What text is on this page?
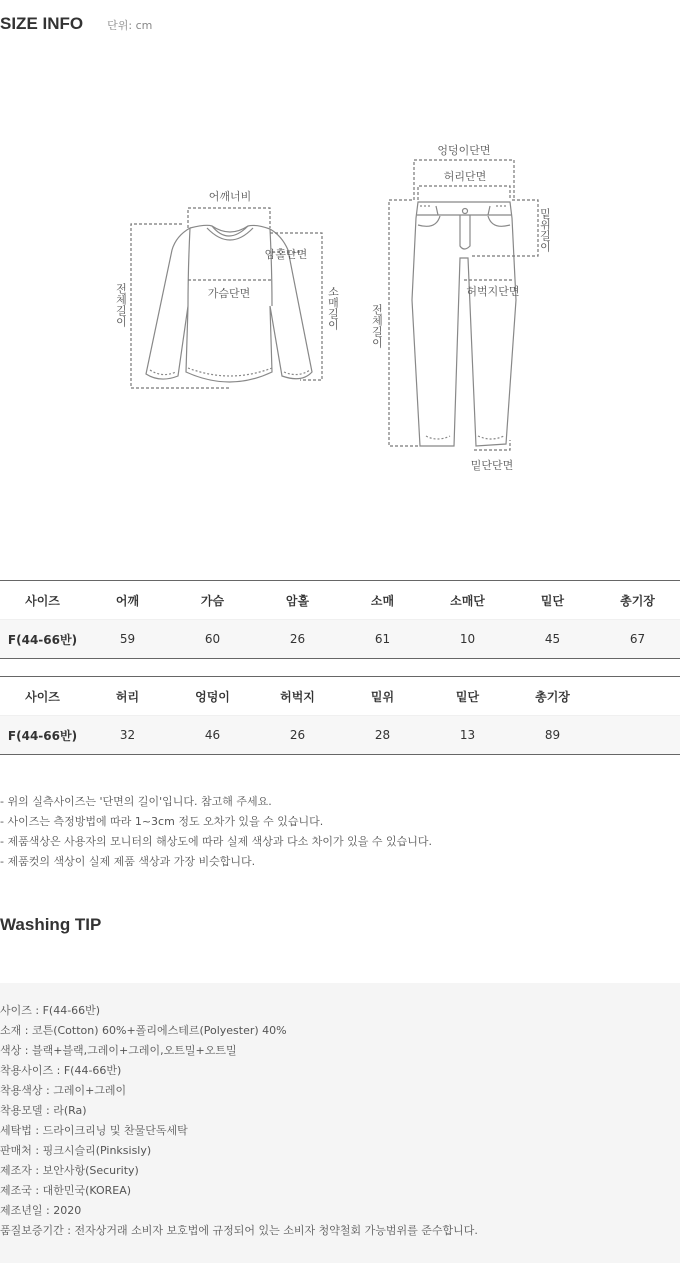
SIZE INFO 단위: cm
어깨너비
암홀단면
가슴단면
전체길이	소매길이
엉덩이단면
허리단면
밑위길이
허벅지단면
전체길이
밑단단면
사이즈	어깨	가슴	암홀	소매	소매단	밑단	총기장
F(44-66반)	59	60	26	61	10	45	67
사이즈	허리	엉덩이	허벅지	밑위	밑단	총기장
F(44-66반)	32	46	26	28	13	89
- 위의 실측사이즈는 '단면의 길이'입니다. 참고해 주세요.
- 사이즈는 측정방법에 따라 1~3cm 정도 오차가 있을 수 있습니다.
- 제품색상은 사용자의 모니터의 해상도에 따라 실제 색상과 다소 차이가 있을 수 있습니다.
- 제품컷의 색상이 실제 제품 색상과 가장 비슷합니다.
Washing TIP
사이즈 : F(44-66반)
소재 : 코튼(Cotton) 60%+폴리에스테르(Polyester) 40%
색상 : 블랙+블랙,그레이+그레이,오트밀+오트밀
착용사이즈 : F(44-66반)
착용색상 : 그레이+그레이
착용모델 : 라(Ra)
세탁법 : 드라이크리닝 및 찬물단독세탁
판매처 : 핑크시슬리(Pinksisly)
제조자 : 보안사항(Security)
제조국 : 대한민국(KOREA)
제조년일 : 2020
품질보증기간 : 전자상거래 소비자 보호법에 규정되어 있는 소비자 청약철회 가능범위를 준수합니다.
